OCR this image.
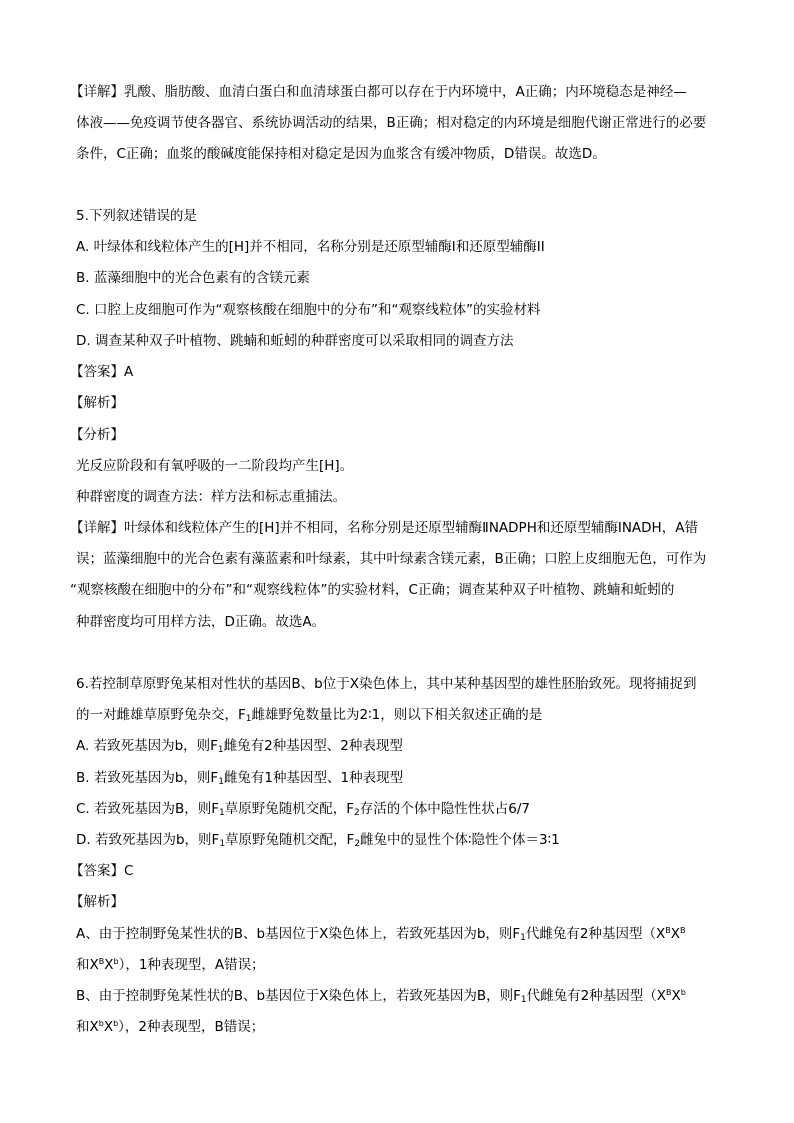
【详解】乳酸、脂肪酸、血清白蛋白和血清球蛋白都可以存在于内环境中，A正确；内环境稳态是神经—
体液——免疫调节使各器官、系统协调活动的结果，B正确；相对稳定的内环境是细胞代谢正常进行的必要
条件，C正确；血浆的酸碱度能保持相对稳定是因为血浆含有缓冲物质，D错误。故选D。
5.下列叙述错误的是
A. 叶绿体和线粒体产生的[H]并不相同，名称分别是还原型辅酶I和还原型辅酶II
B. 蓝藻细胞中的光合色素有的含镁元素
C. 口腔上皮细胞可作为“观察核酸在细胞中的分布”和“观察线粒体”的实验材料
D. 调查某种双子叶植物、跳蝻和蚯蚓的种群密度可以采取相同的调查方法
【答案】A
【解析】
【分析】
光反应阶段和有氧呼吸的一二阶段均产生[H]。
种群密度的调查方法：样方法和标志重捕法。
【详解】叶绿体和线粒体产生的[H]并不相同，名称分别是还原型辅酶ⅡNADPH和还原型辅酶ⅠNADH，A错
误；蓝藻细胞中的光合色素有藻蓝素和叶绿素，其中叶绿素含镁元素，B正确；口腔上皮细胞无色，可作为
“观察核酸在细胞中的分布”和“观察线粒体”的实验材料，C正确；调查某种双子叶植物、跳蝻和蚯蚓的
种群密度均可用样方法，D正确。故选A。
6.若控制草原野兔某相对性状的基因B、b位于X染色体上，其中某种基因型的雄性胚胎致死。现将捕捉到
的一对雌雄草原野兔杂交，$F_1$雌雄野兔数量比为2∶1，则以下相关叙述正确的是
A. 若致死基因为b，则$F_1$雌兔有2种基因型、2种表现型
B. 若致死基因为b，则$F_1$雌兔有1种基因型、1种表现型
C. 若致死基因为B，则$F_1$草原野兔随机交配，$F_2$存活的个体中隐性性状占6/7
D. 若致死基因为b，则$F_1$草原野兔随机交配，$F_2$雌兔中的显性个体∶隐性个体＝3∶1
【答案】C
【解析】
A、由于控制野兔某性状的B、b基因位于X染色体上，若致死基因为b，则$F_1$代雌兔有2种基因型（$X^BX^B$
和$X^BX^b$），1种表现型，A错误；
B、由于控制野兔某性状的B、b基因位于X染色体上，若致死基因为B，则$F_1$代雌兔有2种基因型（$X^BX^b$
和$X^bX^b$），2种表现型，B错误；
